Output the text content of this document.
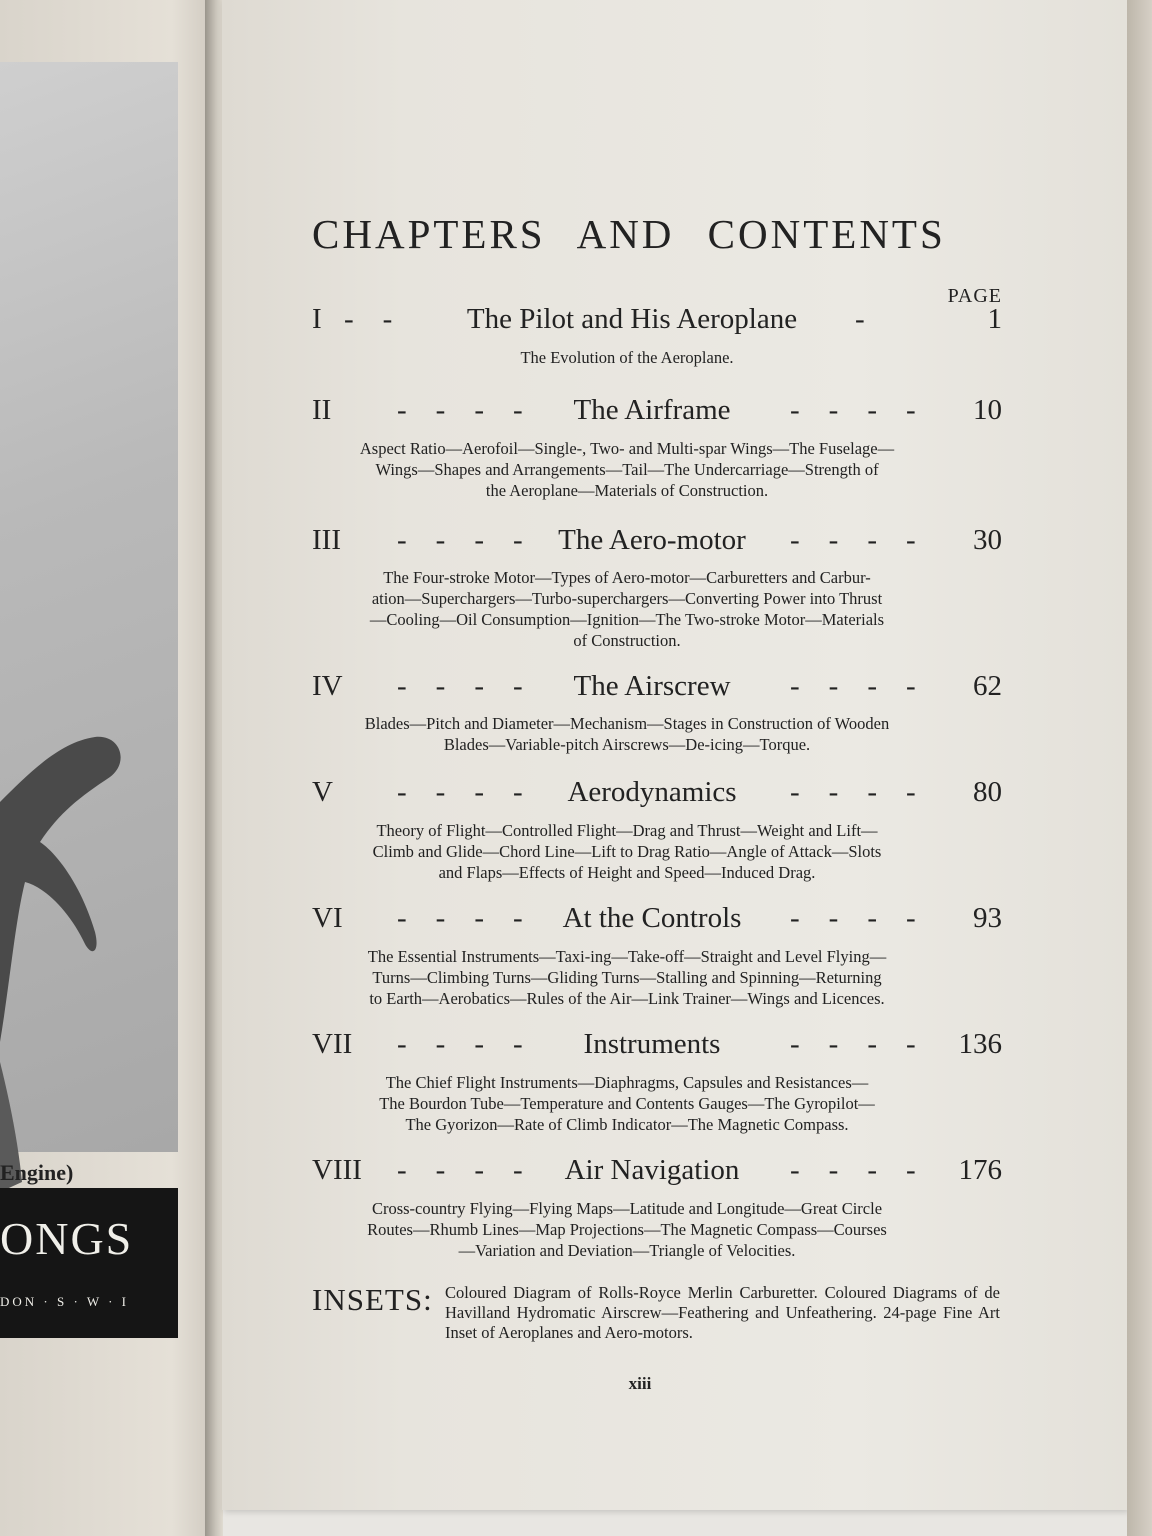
Engine)
ONGS
DON · S · W · I
CHAPTERS AND CONTENTS
PAGE
I -    -	The Pilot and His Aeroplane	-	1
The Evolution of the Aeroplane.
II -    -    -    -	The Airframe	-    -    -    - 10
Aspect Ratio—Aerofoil—Single-, Two- and Multi-spar Wings—The Fuselage—
Wings—Shapes and Arrangements—Tail—The Undercarriage—Strength of
the Aeroplane—Materials of Construction.
III -    -    -    -	The Aero-motor	-    -    -    - 30
The Four-stroke Motor—Types of Aero-motor—Carburetters and Carbur-
ation—Superchargers—Turbo-superchargers—Converting Power into Thrust
—Cooling—Oil Consumption—Ignition—The Two-stroke Motor—Materials
of Construction.
IV -    -    -    -	The Airscrew	-    -    -    - 62
Blades—Pitch and Diameter—Mechanism—Stages in Construction of Wooden
Blades—Variable-pitch Airscrews—De-icing—Torque.
V -    -    -    -	Aerodynamics	-    -    -    - 80
Theory of Flight—Controlled Flight—Drag and Thrust—Weight and Lift—
Climb and Glide—Chord Line—Lift to Drag Ratio—Angle of Attack—Slots
and Flaps—Effects of Height and Speed—Induced Drag.
VI -    -    -    -	At the Controls	-    -    -    - 93
The Essential Instruments—Taxi-ing—Take-off—Straight and Level Flying—
Turns—Climbing Turns—Gliding Turns—Stalling and Spinning—Returning
to Earth—Aerobatics—Rules of the Air—Link Trainer—Wings and Licences.
VII -    -    -    -	Instruments	-    -    -    - 136
The Chief Flight Instruments—Diaphragms, Capsules and Resistances—
The Bourdon Tube—Temperature and Contents Gauges—The Gyropilot—
The Gyorizon—Rate of Climb Indicator—The Magnetic Compass.
VIII -    -    -    -	Air Navigation	-    -    -    - 176
Cross-country Flying—Flying Maps—Latitude and Longitude—Great Circle
Routes—Rhumb Lines—Map Projections—The Magnetic Compass—Courses
—Variation and Deviation—Triangle of Velocities.
INSETS: Coloured Diagram of Rolls-Royce Merlin Carburetter. Coloured Diagrams of de Havilland Hydromatic Airscrew—Feathering and Unfeathering. 24-page Fine Art Inset of Aeroplanes and Aero-motors.
xiii
